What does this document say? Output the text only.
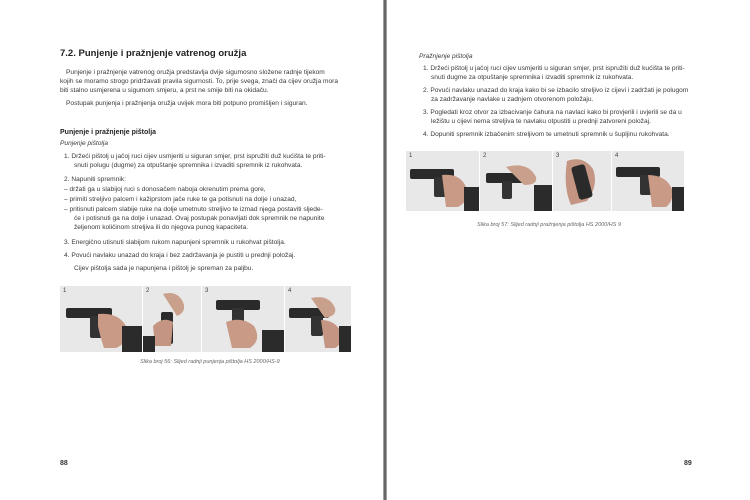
7.2. Punjenje i pražnjenje vatrenog oružja
Punjenje i pražnjenje vatrenog oružja predstavlja dvije sigumosno složene radnje tijekom
kojih se moramo strogo pridržavati pravila sigurnosti. To, prije svega, znači da cijev oružja mora
biti stalno usmjerena u sigumom smjeru, a prst ne smije biti na okidaču.
Postupak punjenja i pražnjenja oružja uvijek mora biti potpuno promišljen i siguran.
Punjenje i pražnjenje pištolja
Punjenje pištolja
1. Držeći pištolj u jačoj ruci cijev usmjeriti u siguran smjer, prst ispružiti duž kućišta te priti-
snuti polugu (dugme) za otpuštanje spremnika i izvaditi spremnik iz rukohvata.
2. Napuniti spremnik:
– držati ga u slabijoj ruci s donosačem naboja okrenutim prema gore,
– primiti streljivo palcem i kažiprstom jače ruke te ga potisnuti na dolje i unazad,
– pritisnuti palcem slabije ruke na dolje umetnuto streljivo te izmad njega postaviti sljede-
će i potisnuti ga na dolje i unazad. Ovaj postupak ponavljati dok spremnik ne napunite
željenom količinom streljiva ili do njegova punog kapaciteta.
3. Energično utisnuti slabijom rukom napunjeni spremnik u rukohvat pištolja.
4. Povući navlaku unazad do kraja i bez zadržavanja je pustiti u prednji položaj.
Cijev pištolja sada je napunjena i pištolj je spreman za paljbu.
1	2	3	4
Slika broj 56: Slijed radnji punjenja pištolja HS 2000/HS-9
88
Pražnjenje pištolja
1. Držeći pištolj u jačoj ruci cijev usmjeriti u siguran smjer, prst ispružiti duž kućišta te priti-
snuti dugme za otpuštanje spremnika i izvaditi spremnik iz rukohvata.
2. Povući navlaku unazad do kraja kako bi se izbacilo streljivo iz cijevi i zadržati je polugom
za zadržavanje navlake u zadnjem otvorenom položaju.
3. Pogledati kroz otvor za izbacivanje čahura na navlaci kako bi provjerili i uvjerili se da u
ležištu u cijevi nema streljiva te navlaku otpustiti u prednji zatvoreni položaj.
4. Dopuniti spremnik izbačenim streljivom te umetnuti spremnik u šupljinu rukohvata.
1	2	3	4
Slika broj 57: Slijed radnji pražnjenja pištolja HS 2000/HS 9
89
